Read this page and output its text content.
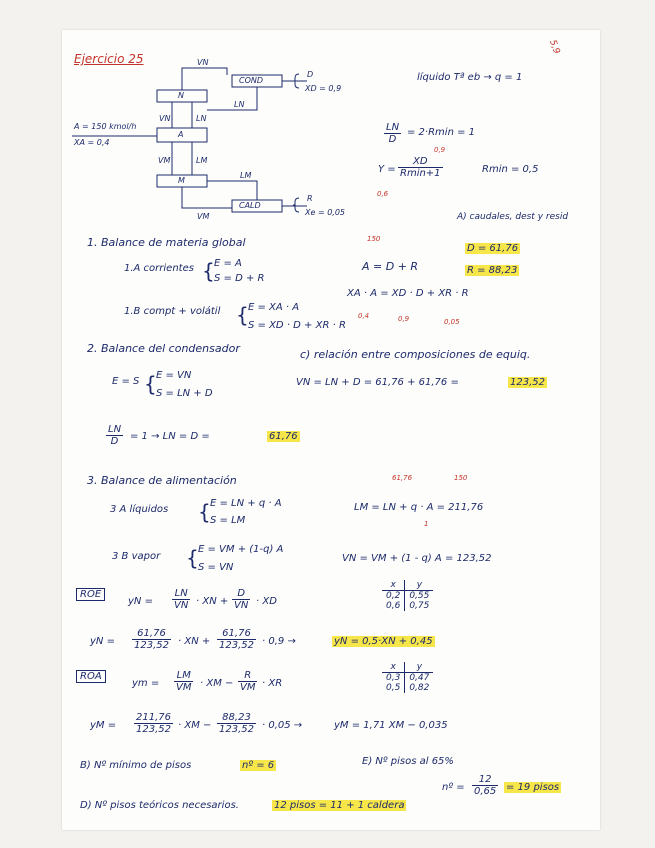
Ejercicio 25
5,9
VN
COND
D
XD = 0,9
N
LN
VN	LN
A = 150 kmol/h
XA = 0,4
A
VM	LM
M
LM
CALD
VM
R
Xe = 0,05
líquido Tª eb → q = 1
$\frac{LN}{D} = 2\cdot Rmin = 1$
Y =
XD
Rmin+1
0,9
0,6
Rmin = 0,5
A) caudales, dest y resid
1. Balance de materia global	150
D = 61,76
R = 88,23
1.A corrientes { E = A
S = D + R
A = D + R
XA · A = XD · D + XR · R
1.B compt + volátil { E = XA · A
S = XD · D + XR · R
0,4	0,9	0,05
2. Balance del condensador	c) relación entre composiciones de equiq.
E = S { E = VN
S = LN + D
VN = LN + D = 61,76 + 61,76 =	123,52
$\frac{LN}{D} = 1$ → LN = D =	61,76
3. Balance de alimentación	61,76	150
3 A líquidos { E = LN + q · A
S = LM
LM = LN + q · A = 211,76
1
3 B vapor { E = VM + (1-q) A
S = VN
VN = VM + (1 - q) A = 123,52
ROE
yN = $\frac{LN}{VN}$ · XN + $\frac{D}{VN}$ · XD
x	y
0,2	0,55
0,6	0,75
yN = $\frac{61,76}{123,52}$ · XN + $\frac{61,76}{123,52} \cdot 0,9$ →	yN = 0,5·XN + 0,45
ROA
ym = $\frac{LM}{VM}$ · XM − $\frac{R}{VM}$ · XR
x	y
0,3	0,47
0,5	0,82
yM = $\frac{211,76}{123,52}$ · XM − $\frac{88,23}{123,52} \cdot 0,05$ →	yM = 1,71 XM − 0,035
B) Nº mínimo de pisos	nº = 6	E) Nº pisos al 65%
nº = $\frac{12}{0,65} = 19$ pisos
D) Nº pisos teóricos necesarios.	12 pisos = 11 + 1 caldera
